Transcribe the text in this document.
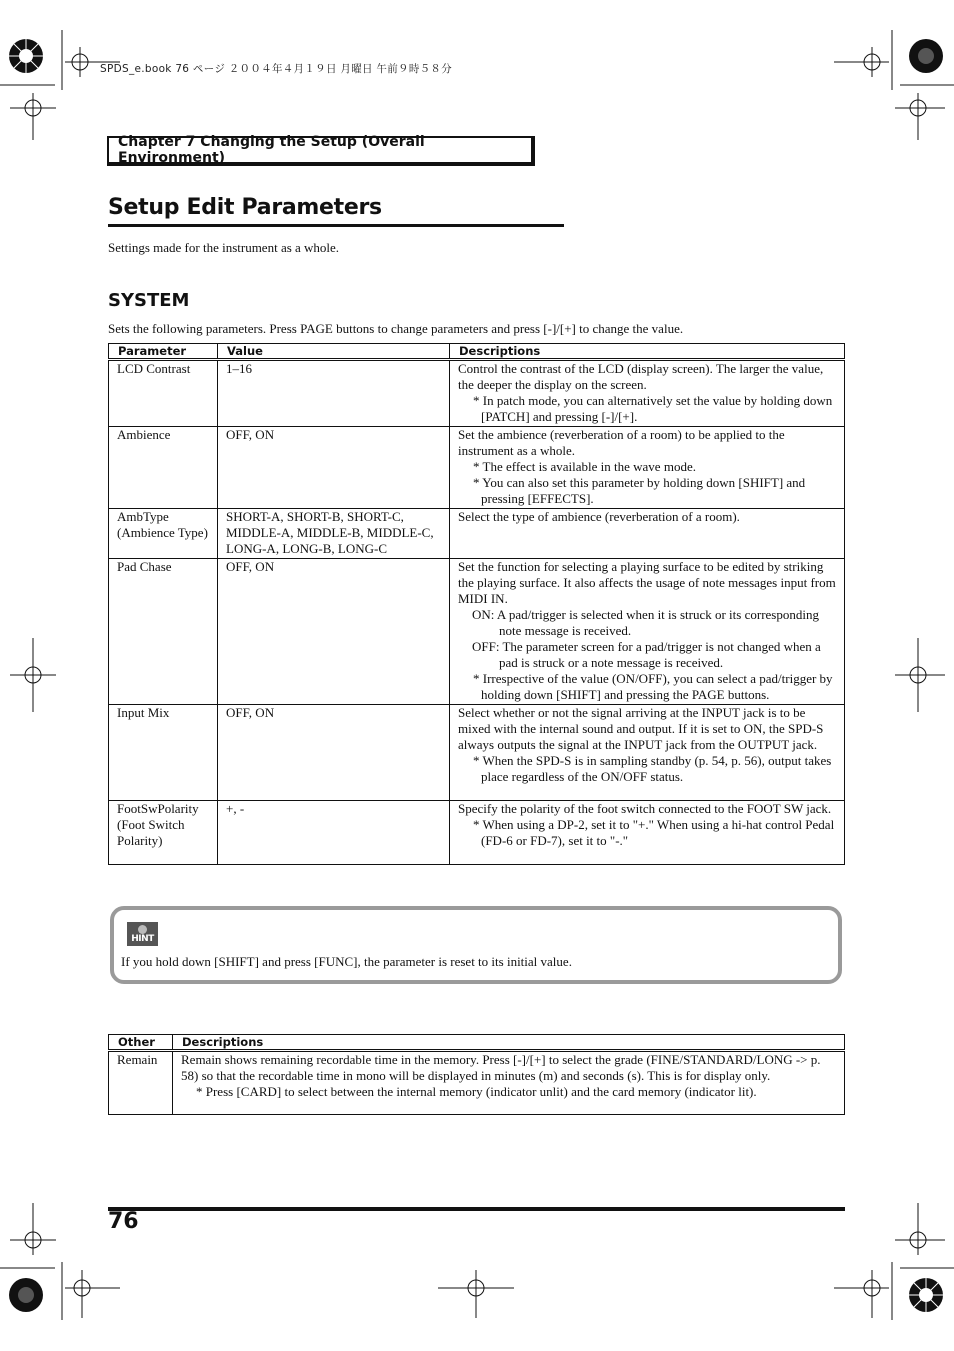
SPDS_e.book 76 ページ ２００４年４月１９日 月曜日 午前９時５８分
Chapter 7 Changing the Setup (Overall Environment)
Setup Edit Parameters
Settings made for the instrument as a whole.
SYSTEM
Sets the following parameters. Press PAGE buttons to change parameters and press [-]/[+] to change the value.
Parameter	Value	Descriptions
LCD Contrast	1–16	Control the contrast of the LCD (display screen). The larger the value, the deeper the display on the screen.
* In patch mode, you can alternatively set the value by holding down [PATCH] and pressing [-]/[+].

Ambience	OFF, ON	Set the ambience (reverberation of a room) to be applied to the instrument as a whole.
* The effect is available in the wave mode.
* You can also set this parameter by holding down [SHIFT] and pressing [EFFECTS].

AmbType (Ambience Type)	SHORT-A, SHORT-B, SHORT-C, MIDDLE-A, MIDDLE-B, MIDDLE-C, LONG-A, LONG-B, LONG-C	Select the type of ambience (reverberation of a room).

Pad Chase	OFF, ON	Set the function for selecting a playing surface to be edited by striking the playing surface. It also affects the usage of note messages input from MIDI IN.
ON: A pad/trigger is selected when it is struck or its corresponding note message is received.
OFF: The parameter screen for a pad/trigger is not changed when a pad is struck or a note message is received.
* Irrespective of the value (ON/OFF), you can select a pad/trigger by holding down [SHIFT] and pressing the PAGE buttons.

Input Mix	OFF, ON	Select whether or not the signal arriving at the INPUT jack is to be mixed with the internal sound and output. If it is set to ON, the SPD-S always outputs the signal at the INPUT jack from the OUTPUT jack.
* When the SPD-S is in sampling standby (p. 54, p. 56), output takes place regardless of the ON/OFF status.

FootSwPolarity (Foot Switch Polarity)	+, -	Specify the polarity of the foot switch connected to the FOOT SW jack.
* When using a DP-2, set it to "+." When using a hi-hat control Pedal (FD-6 or FD-7), set it to "-."
HINT
If you hold down [SHIFT] and press [FUNC], the parameter is reset to its initial value.
Other	Descriptions
Remain	Remain shows remaining recordable time in the memory. Press [-]/[+] to select the grade (FINE/STANDARD/LONG -> p. 58) so that the recordable time in mono will be displayed in minutes (m) and seconds (s). This is for display only.
* Press [CARD] to select between the internal memory (indicator unlit) and the card memory (indicator lit).
76
